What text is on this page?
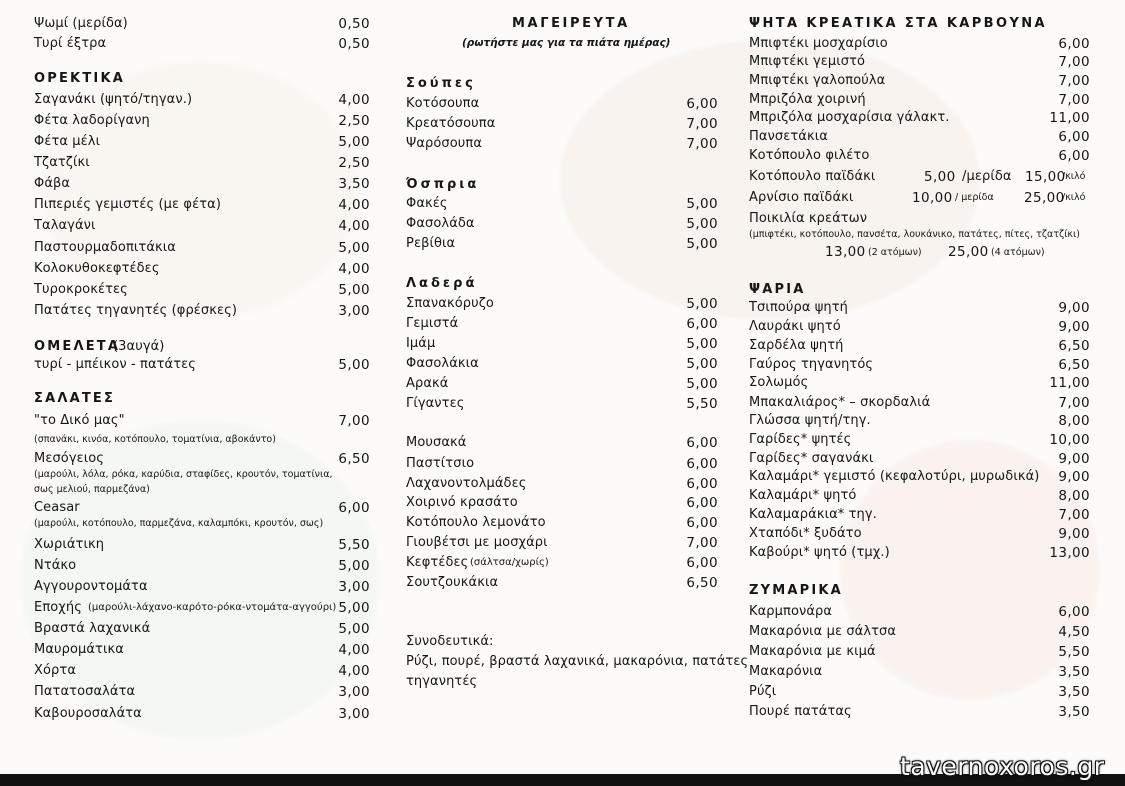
Ψωμί (μερίδα)	0,50
Τυρί έξτρα	0,50
ΟΡΕΚΤΙΚΑ
Σαγανάκι (ψητό/τηγαν.)	4,00
Φέτα λαδορίγανη	2,50
Φέτα μέλι	5,00
Τζατζίκι	2,50
Φάβα	3,50
Πιπεριές γεμιστές (με φέτα)	4,00
Ταλαγάνι	4,00
Παστουρμαδοπιτάκια	5,00
Κολοκυθοκεφτέδες	4,00
Τυροκροκέτες	5,00
Πατάτες τηγανητές (φρέσκες)	3,00
ΟΜΕΛΕΤΑ
(3αυγά)
τυρί - μπέικον - πατάτες	5,00
ΣΑΛΑΤΕΣ
"το Δικό μας"	7,00
(σπανάκι, κινόα, κοτόπουλο, τοματίνια, αβοκάντο)
Μεσόγειος	6,50
(μαρούλι, λόλα, ρόκα, καρύδια, σταφίδες, κρουτόν, τοματίνια,
σως μελιού, παρμεζάνα)
Ceasar	6,00
(μαρούλι, κοτόπουλο, παρμεζάνα, καλαμπόκι, κρουτόν, σως)
Χωριάτικη	5,50
Ντάκο	5,00
Αγγουροντομάτα	3,00
Εποχής (μαρούλι-λάχανο-καρότο-ρόκα-ντομάτα-αγγούρι) 5,00
Βραστά λαχανικά	5,00
Μαυρομάτικα	4,00
Χόρτα	4,00
Πατατοσαλάτα	3,00
Καβουροσαλάτα	3,00
ΜΑΓΕΙΡΕΥΤΑ
(ρωτήστε μας για τα πιάτα ημέρας)
Σούπες
Κοτόσουπα	6,00
Κρεατόσουπα	7,00
Ψαρόσουπα	7,00
Όσπρια
Φακές	5,00
Φασολάδα	5,00
Ρεβίθια	5,00
Λαδερά
Σπανακόρυζο	5,00
Γεμιστά	6,00
Ιμάμ	5,00
Φασολάκια	5,00
Αρακά	5,00
Γίγαντες	5,50
Μουσακά	6,00
Παστίτσιο	6,00
Λαχανοντολμάδες	6,00
Χοιρινό κρασάτο	6,00
Κοτόπουλο λεμονάτο	6,00
Γιουβέτσι με μοσχάρι	7,00
Κεφτέδες (σάλτσα/χωρίς)	6,00
Σουτζουκάκια	6,50
Συνοδευτικά:
Ρύζι, πουρέ, βραστά λαχανικά, μακαρόνια, πατάτες
τηγανητές
ΨΗΤΑ ΚΡΕΑΤΙΚΑ ΣΤΑ ΚΑΡΒΟΥΝΑ
Μπιφτέκι μοσχαρίσιο	6,00
Μπιφτέκι γεμιστό	7,00
Μπιφτέκι γαλοπούλα	7,00
Μπριζόλα χοιρινή	7,00
Μπριζόλα μοσχαρίσια γάλακτ.	11,00
Πανσετάκια	6,00
Κοτόπουλο φιλέτο	6,00
Κοτόπουλο παϊδάκι	5,00 /μερίδα 15,00
/κιλό
Αρνίσιο παϊδάκι	10,00 / μερίδα 25,00
/κιλό
Ποικιλία κρεάτων
(μπιφτέκι, κοτόπουλο, πανσέτα, λουκάνικο, πατάτες, πίτες, τζατζίκι)
13,00 (2 ατόμων) 25,00 (4 ατόμων)
ΨΑΡΙΑ
Τσιπούρα ψητή	9,00
Λαυράκι ψητό	9,00
Σαρδέλα ψητή	6,50
Γαύρος τηγανητός	6,50
Σολωμός	11,00
Μπακαλιάρος* – σκορδαλιά	7,00
Γλώσσα ψητή/τηγ.	8,00
Γαρίδες* ψητές	10,00
Γαρίδες* σαγανάκι	9,00
Καλαμάρι* γεμιστό (κεφαλοτύρι, μυρωδικά)	9,00
Καλαμάρι* ψητό	8,00
Καλαμαράκια* τηγ.	7,00
Χταπόδι* ξυδάτο	9,00
Καβούρι* ψητό (τμχ.)	13,00
ΖΥΜΑΡΙΚΑ
Καρμπονάρα	6,00
Μακαρόνια με σάλτσα	4,50
Μακαρόνια με κιμά	5,50
Μακαρόνια	3,50
Ρύζι	3,50
Πουρέ πατάτας	3,50
tavernoxoros.gr
